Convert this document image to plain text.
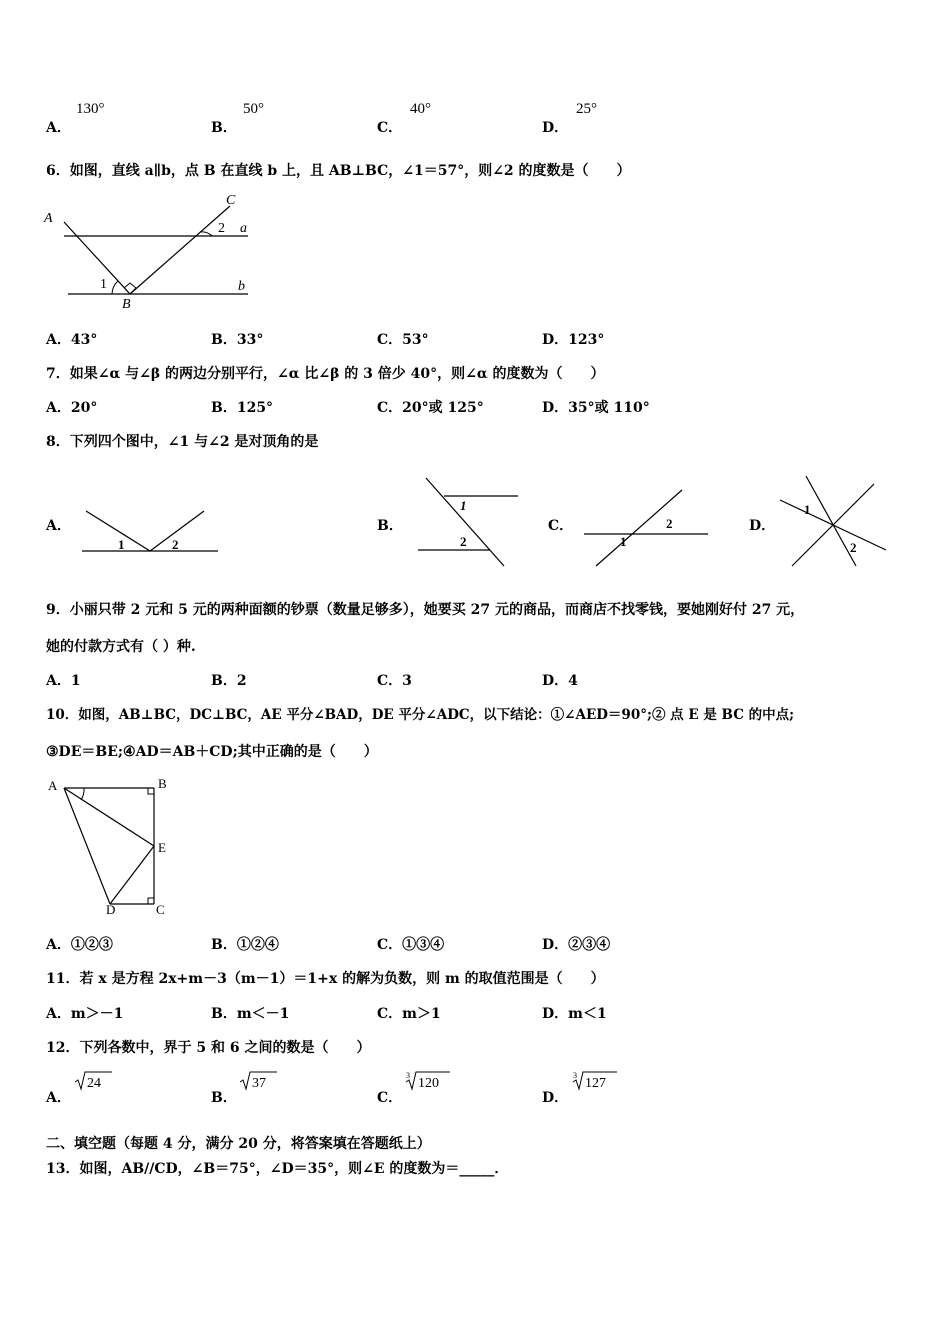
A．
130°
B．
50°
C．
40°
D．
25°
6．如图，直线 a∥b，点 B 在直线 b 上，且 AB⊥BC，∠1＝57°，则∠2 的度数是（　　）
A
C
a
b
B
1
2
A．43°	B．33°	C．53°	D．123°
7．如果∠α 与∠β 的两边分别平行，∠α 比∠β 的 3 倍少 40°，则∠α 的度数为（　　）
A．20°	B．125°	C．20°或 125°	D．35°或 110°
8．下列四个图中，∠1 与∠2 是对顶角的是
A．
1	2
B．
1
2
C．
1
2	D．
1
2
9．小丽只带 2 元和 5 元的两种面额的钞票（数量足够多），她要买 27 元的商品，而商店不找零钱，要她刚好付 27 元，
她的付款方式有（ ）种.
A．1	B．2	C．3	D．4
10．如图，AB⊥BC，DC⊥BC，AE 平分∠BAD，DE 平分∠ADC，以下结论：①∠AED＝90°;② 点 E 是 BC 的中点;
③DE＝BE;④AD＝AB＋CD;其中正确的是（　　）
A	B
E
D	C
A．①②③	B．①②④	C．①③④	D．②③④
11．若 x 是方程 2x+m－3（m－1）＝1+x 的解为负数，则 m 的取值范围是（　　）
A．m＞－1	B．m＜－1	C．m＞1	D．m＜1
12．下列各数中，界于 5 和 6 之间的数是（　　）
A．
24
B．
37
C．
3
120
D．
3
127
二、填空题（每题 4 分，满分 20 分，将答案填在答题纸上）
13．如图，AB//CD，∠B＝75°，∠D＝35°，则∠E 的度数为＝_____．
